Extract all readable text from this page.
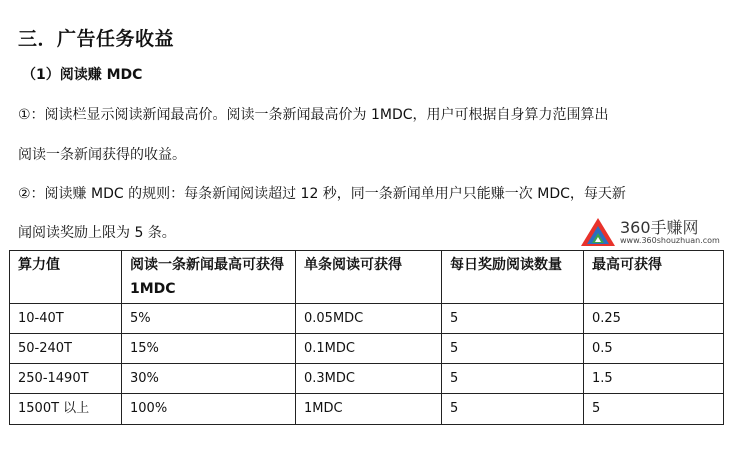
三．广告任务收益
（1）阅读赚 MDC
①：阅读栏显示阅读新闻最高价。阅读一条新闻最高价为 1MDC，用户可根据自身算力范围算出
阅读一条新闻获得的收益。
②：阅读赚 MDC 的规则：每条新闻阅读超过 12 秒，同一条新闻单用户只能赚一次 MDC，每天新
闻阅读奖励上限为 5 条。	360手赚网
www.360shouzhuan.com
算力值	阅读一条新闻最高可获得 1MDC	单条阅读可获得	每日奖励阅读数量	最高可获得
10-40T	5%	0.05MDC	5	0.25
50-240T	15%	0.1MDC	5	0.5
250-1490T	30%	0.3MDC	5	1.5
1500T 以上	100%	1MDC	5	5
